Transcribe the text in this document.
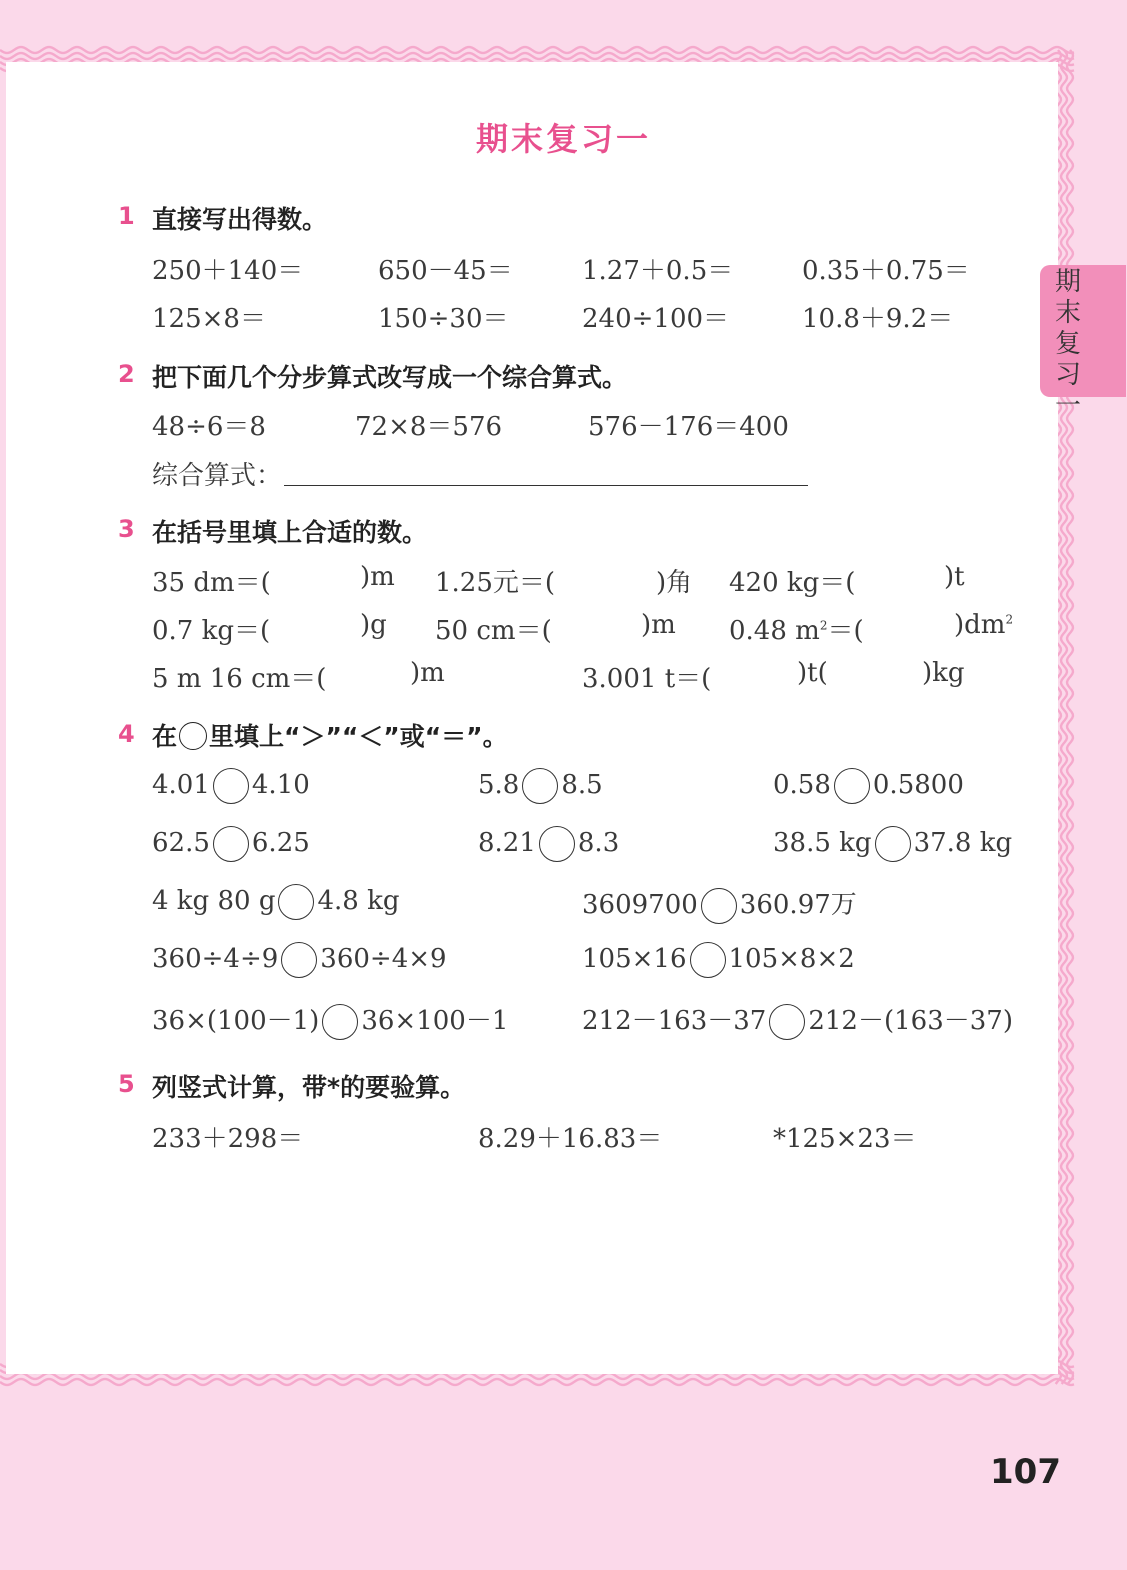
期末复习一
期
末
复
习
一
1 直接写出得数。
250＋140＝	650－45＝	1.27＋0.5＝	0.35＋0.75＝
125×8＝	150÷30＝	240÷100＝	10.8＋9.2＝
2 把下面几个分步算式改写成一个综合算式。
48÷6＝8	72×8＝576	576－176＝400
综合算式：
3 在括号里填上合适的数。
35 dm＝(	)m 1.25元＝(	)角 420 kg＝(	)t
0.7 kg＝(	)g 50 cm＝(	)m 0.48 $m^2=$(	)$dm^2$
5 m 16 cm＝(	)m	3.001 t＝(	)t(	)kg
4 在 里填上“＞”“＜”或“＝”。
4.01 4.10	5.8 8.5	0.58 0.5800
62.5 6.25	8.21 8.3	38.5 kg 37.8 kg
4 kg 80 g 4.8 kg	3609700 360.97万
360÷4÷9 360÷4×9	105×16 105×8×2
36×(100－1) 36×100－1	212－163－37 212－(163－37)
5 列竖式计算，带*的要验算。
233＋298＝	8.29＋16.83＝	*125×23＝
107
